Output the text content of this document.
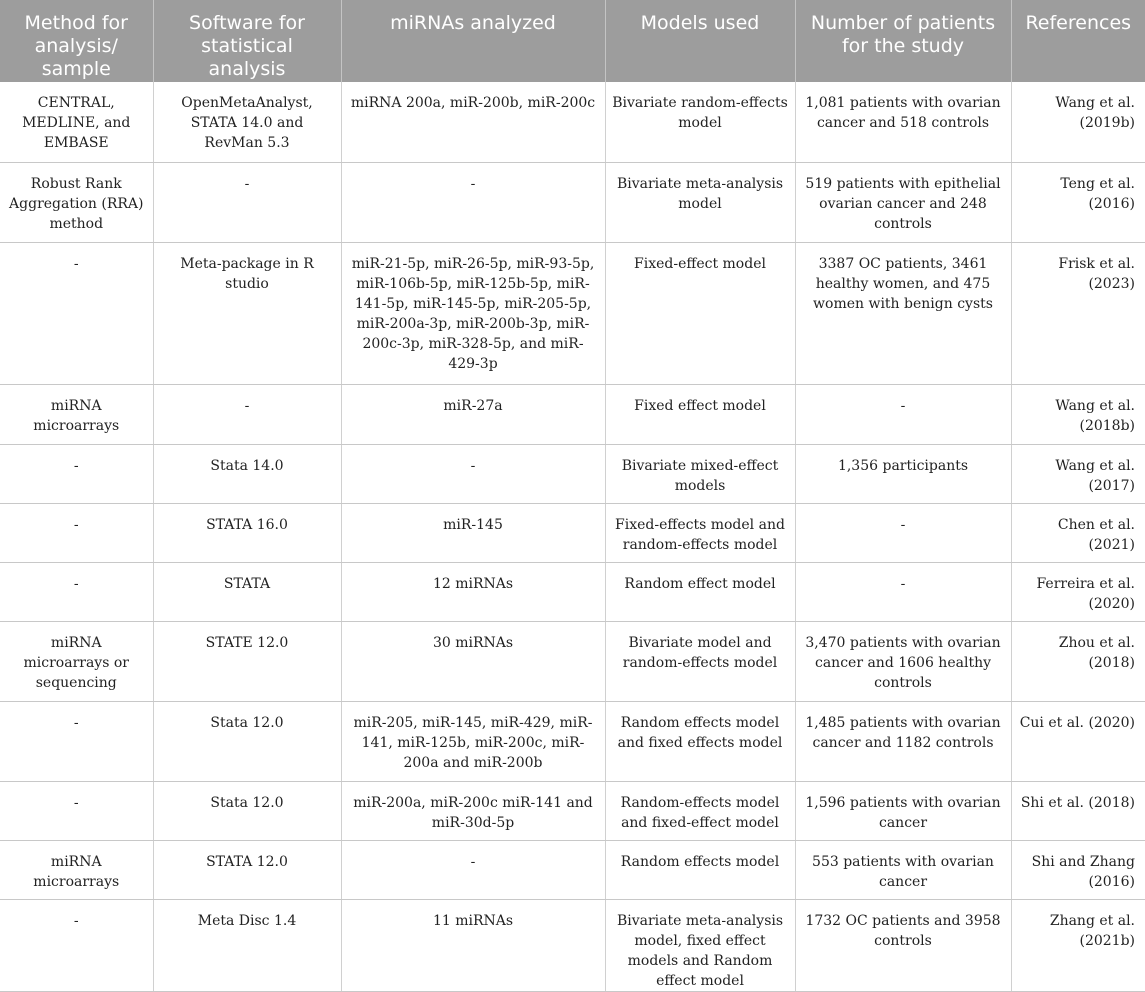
Method for analysis/ sample	Software for statistical analysis	miRNAs analyzed	Models used	Number of patients for the study	References
CENTRAL, MEDLINE, and EMBASE	OpenMetaAnalyst, STATA 14.0 and RevMan 5.3	miRNA 200a, miR-200b, miR-200c	Bivariate random-effects model	1,081 patients with ovarian cancer and 518 controls	Wang et al. (2019b)
Robust Rank Aggregation (RRA) method	-	-	Bivariate meta-analysis model	519 patients with epithelial ovarian cancer and 248 controls	Teng et al. (2016)
-	Meta-package in R studio	miR-21-5p, miR-26-5p, miR-93-5p, miR-106b-5p, miR-125b-5p, miR-141-5p, miR-145-5p, miR-205-5p, miR-200a-3p, miR-200b-3p, miR-200c-3p, miR-328-5p, and miR-429-3p	Fixed-effect model	3387 OC patients, 3461 healthy women, and 475 women with benign cysts	Frisk et al. (2023)
miRNA microarrays	-	miR-27a	Fixed effect model	-	Wang et al. (2018b)
-	Stata 14.0	-	Bivariate mixed-effect models	1,356 participants	Wang et al. (2017)
-	STATA 16.0	miR-145	Fixed-effects model and random-effects model	-	Chen et al. (2021)
-	STATA	12 miRNAs	Random effect model	-	Ferreira et al. (2020)
miRNA microarrays or sequencing	STATE 12.0	30 miRNAs	Bivariate model and random-effects model	3,470 patients with ovarian cancer and 1606 healthy controls	Zhou et al. (2018)
-	Stata 12.0	miR-205, miR-145, miR-429, miR-141, miR-125b, miR-200c, miR-200a and miR-200b	Random effects model and fixed effects model	1,485 patients with ovarian cancer and 1182 controls	Cui et al. (2020)
-	Stata 12.0	miR-200a, miR-200c miR-141 and miR-30d-5p	Random-effects model and fixed-effect model	1,596 patients with ovarian cancer	Shi et al. (2018)
miRNA microarrays	STATA 12.0	-	Random effects model	553 patients with ovarian cancer	Shi and Zhang (2016)
-	Meta Disc 1.4	11 miRNAs	Bivariate meta-analysis model, fixed effect models and Random effect model	1732 OC patients and 3958 controls	Zhang et al. (2021b)
